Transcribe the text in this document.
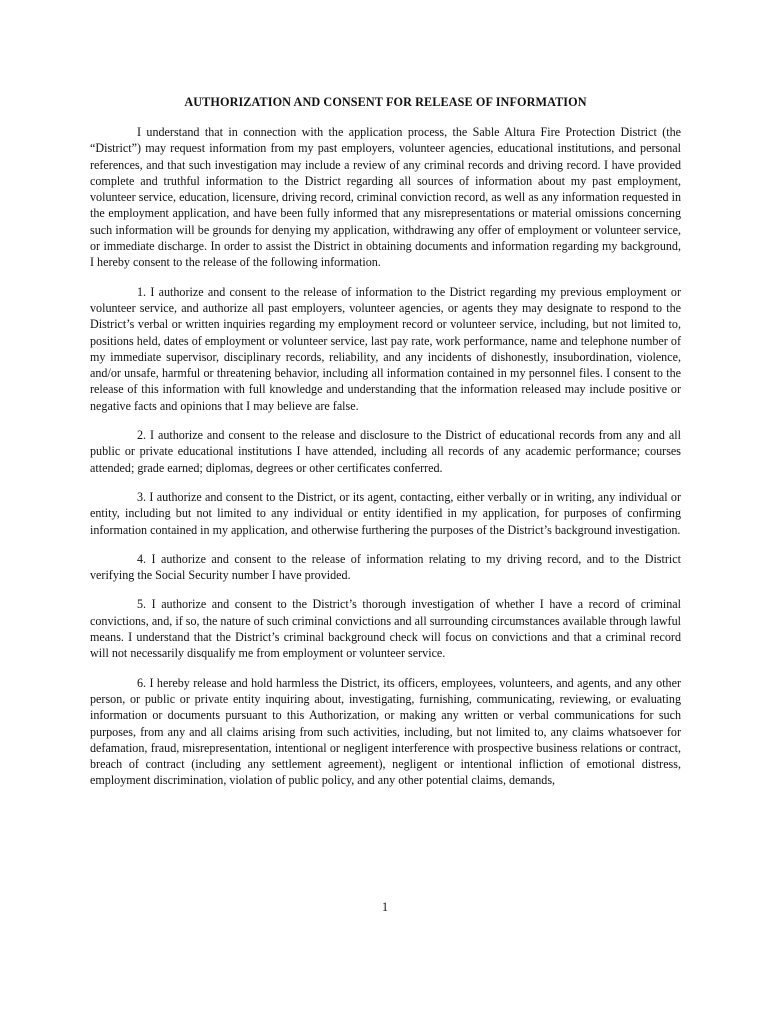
AUTHORIZATION AND CONSENT FOR RELEASE OF INFORMATION

I understand that in connection with the application process, the Sable Altura Fire Protection District (the “District”) may request information from my past employers, volunteer agencies, educational institutions, and personal references, and that such investigation may include a review of any criminal records and driving record. I have provided complete and truthful information to the District regarding all sources of information about my past employment, volunteer service, education, licensure, driving record, criminal conviction record, as well as any information requested in the employment application, and have been fully informed that any misrepresentations or material omissions concerning such information will be grounds for denying my application, withdrawing any offer of employment or volunteer service, or immediate discharge. In order to assist the District in obtaining documents and information regarding my background, I hereby consent to the release of the following information.

1. I authorize and consent to the release of information to the District regarding my previous employment or volunteer service, and authorize all past employers, volunteer agencies, or agents they may designate to respond to the District’s verbal or written inquiries regarding my employment record or volunteer service, including, but not limited to, positions held, dates of employment or volunteer service, last pay rate, work performance, name and telephone number of my immediate supervisor, disciplinary records, reliability, and any incidents of dishonestly, insubordination, violence, and/or unsafe, harmful or threatening behavior, including all information contained in my personnel files. I consent to the release of this information with full knowledge and understanding that the information released may include positive or negative facts and opinions that I may believe are false.

2. I authorize and consent to the release and disclosure to the District of educational records from any and all public or private educational institutions I have attended, including all records of any academic performance; courses attended; grade earned; diplomas, degrees or other certificates conferred.

3. I authorize and consent to the District, or its agent, contacting, either verbally or in writing, any individual or entity, including but not limited to any individual or entity identified in my application, for purposes of confirming information contained in my application, and otherwise furthering the purposes of the District’s background investigation.

4. I authorize and consent to the release of information relating to my driving record, and to the District verifying the Social Security number I have provided.

5. I authorize and consent to the District’s thorough investigation of whether I have a record of criminal convictions, and, if so, the nature of such criminal convictions and all surrounding circumstances available through lawful means. I understand that the District’s criminal background check will focus on convictions and that a criminal record will not necessarily disqualify me from employment or volunteer service.

6. I hereby release and hold harmless the District, its officers, employees, volunteers, and agents, and any other person, or public or private entity inquiring about, investigating, furnishing, communicating, reviewing, or evaluating information or documents pursuant to this Authorization, or making any written or verbal communications for such purposes, from any and all claims arising from such activities, including, but not limited to, any claims whatsoever for defamation, fraud, misrepresentation, intentional or negligent interference with prospective business relations or contract, breach of contract (including any settlement agreement), negligent or intentional infliction of emotional distress, employment discrimination, violation of public policy, and any other potential claims, demands,

1
